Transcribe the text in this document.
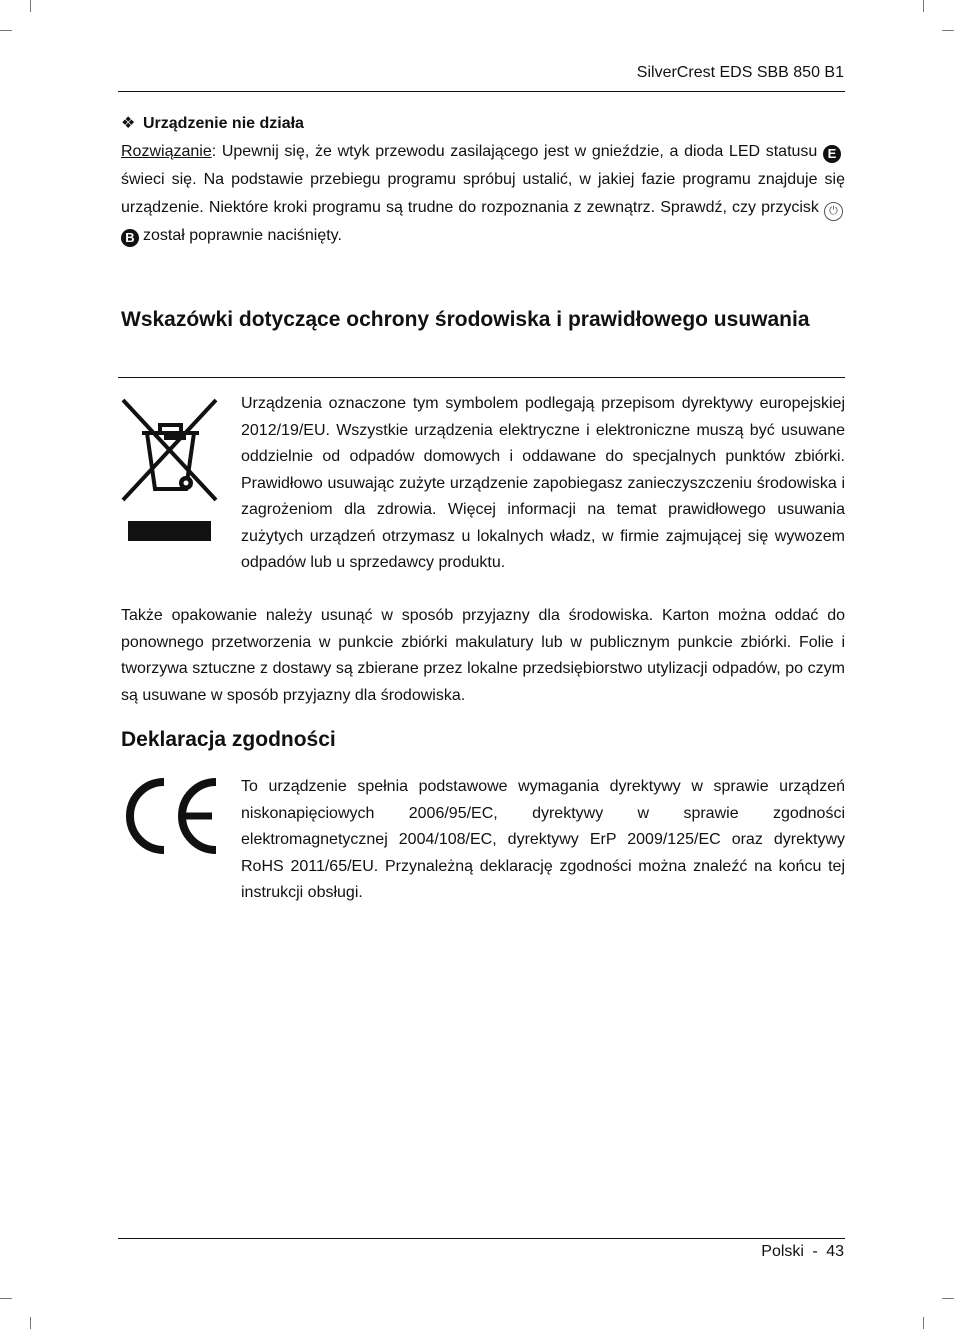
SilverCrest EDS SBB 850 B1
❖ Urządzenie nie działa

Rozwiązanie: Upewnij się, że wtyk przewodu zasilającego jest w gnieździe, a dioda LED statusu Eświeci się. Na podstawie przebiegu programu spróbuj ustalić, w jakiej fazie programu znajduje się urządzenie. Niektóre kroki programu są trudne do rozpoznania z zewnątrz. Sprawdź, czy przycisk ⏻B został poprawnie naciśnięty.

Wskazówki dotyczące ochrony środowiska i prawidłowego usuwania

Urządzenia oznaczone tym symbolem podlegają przepisom dyrektywy europejskiej 2012/19/EU. Wszystkie urządzenia elektryczne i elektroniczne muszą być usuwane oddzielnie od odpadów domowych i oddawane do specjalnych punktów zbiórki. Prawidłowo usuwając zużyte urządzenie zapobiegasz zanieczyszczeniu środowiska i zagrożeniom dla zdrowia. Więcej informacji na temat prawidłowego usuwania zużytych urządzeń otrzymasz u lokalnych władz, w firmie zajmującej się wywozem odpadów lub u sprzedawcy produktu.

Także opakowanie należy usunąć w sposób przyjazny dla środowiska. Karton można oddać do ponownego przetworzenia w punkcie zbiórki makulatury lub w publicznym punkcie zbiórki. Folie i tworzywa sztuczne z dostawy są zbierane przez lokalne przedsiębiorstwo utylizacji odpadów, po czym są usuwane w sposób przyjazny dla środowiska.

Deklaracja zgodności

To urządzenie spełnia podstawowe wymagania dyrektywy w sprawie urządzeń niskonapięciowych 2006/95/EC, dyrektywy w sprawie zgodności elektromagnetycznej 2004/108/EC, dyrektywy ErP 2009/125/EC oraz dyrektywy RoHS 2011/65/EU. Przynależną deklarację zgodności można znaleźć na końcu tej instrukcji obsługi.

Polski - 43
